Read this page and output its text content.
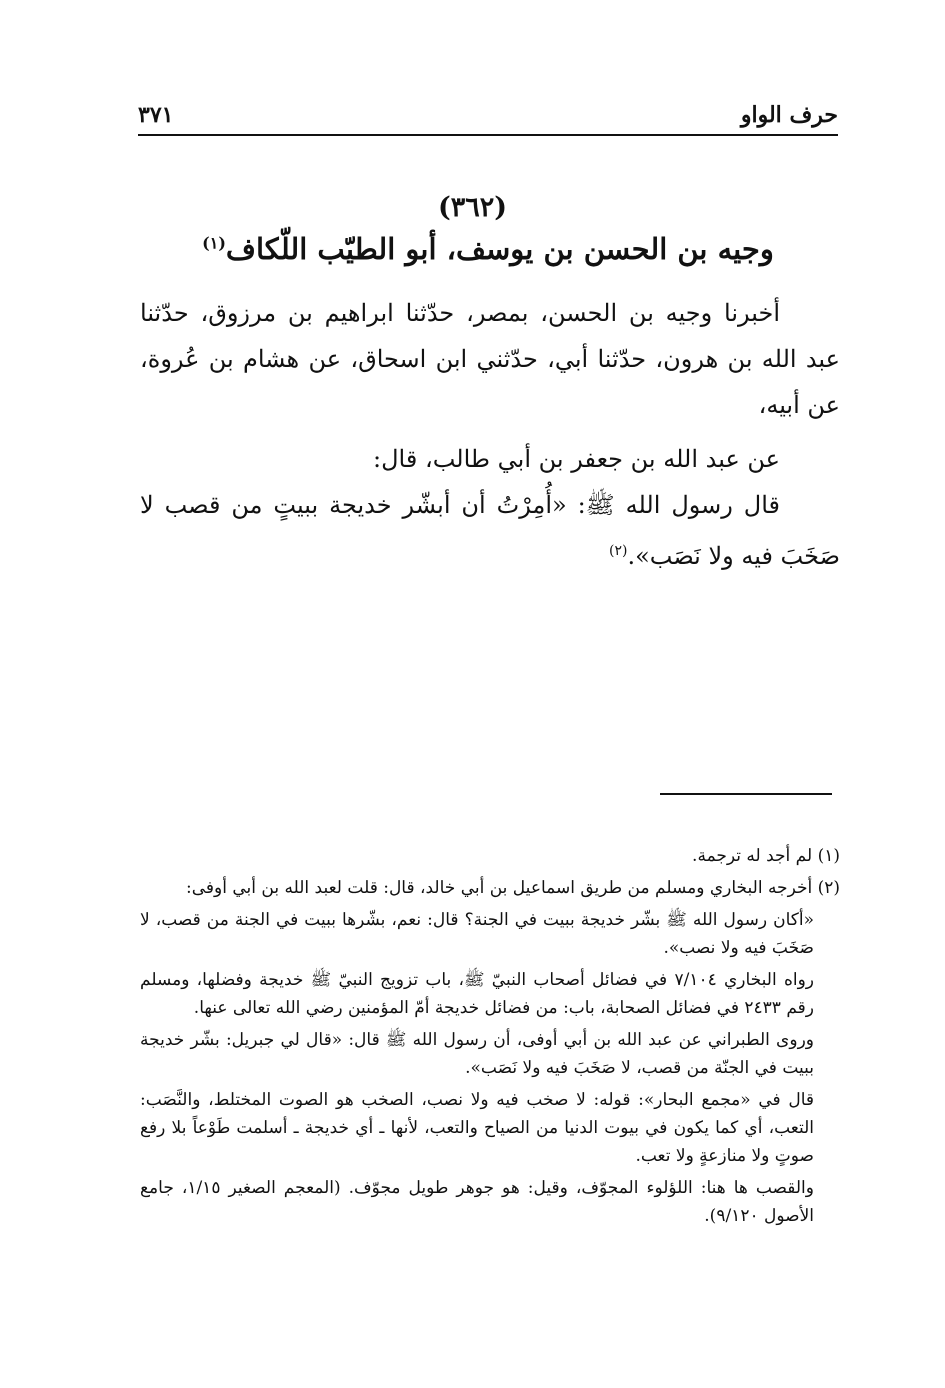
حرف الواو
٣٧١
(٣٦٢)
وجيه بن الحسن بن يوسف، أبو الطيّب اللّكاف$^{(١)}$

أخبرنا وجيه بن الحسن، بمصر، حدّثنا ابراهيم بن مرزوق، حدّثنا عبد الله بن هرون، حدّثنا أبي، حدّثني ابن اسحاق، عن هشام بن عُروة، عن أبيه،

عن عبد الله بن جعفر بن أبي طالب، قال:

قال رسول الله ﷺ: «أُمِرْتُ أن أبشّر خديجة ببيتٍ من قصب لا صَخَبَ فيه ولا نَصَب».$^{(٢)}$

(١) لم أجد له ترجمة.

(٢) أخرجه البخاري ومسلم من طريق اسماعيل بن أبي خالد، قال: قلت لعبد الله بن أبي أوفى:

«أكان رسول الله ﷺ بشّر خديجة ببيت في الجنة؟ قال: نعم، بشّرها ببيت في الجنة من قصب، لا صَخَبَ فيه ولا نصب».

رواه البخاري ٧/١٠٤ في فضائل أصحاب النبيّ ﷺ، باب تزويج النبيّ ﷺ خديجة وفضلها، ومسلم رقم ٢٤٣٣ في فضائل الصحابة، باب: من فضائل خديجة أمّ المؤمنين رضي الله تعالى عنها.

وروى الطبراني عن عبد الله بن أبي أوفى، أن رسول الله ﷺ قال: «قال لي جبريل: بشّر خديجة ببيت في الجنّة من قصب، لا صَخَبَ فيه ولا نَصَب».

قال في «مجمع البحار»: قوله: لا صخب فيه ولا نصب، الصخب هو الصوت المختلط، والنَّصَب: التعب، أي كما يكون في بيوت الدنيا من الصياح والتعب، لأنها ـ أي خديجة ـ أسلمت طَوْعاً بلا رفع صوتٍ ولا منازعةٍ ولا تعب.

والقصب ها هنا: اللؤلوء المجوّف، وقيل: هو جوهر طويل مجوّف. (المعجم الصغير ١/١٥، جامع الأصول ٩/١٢٠).
